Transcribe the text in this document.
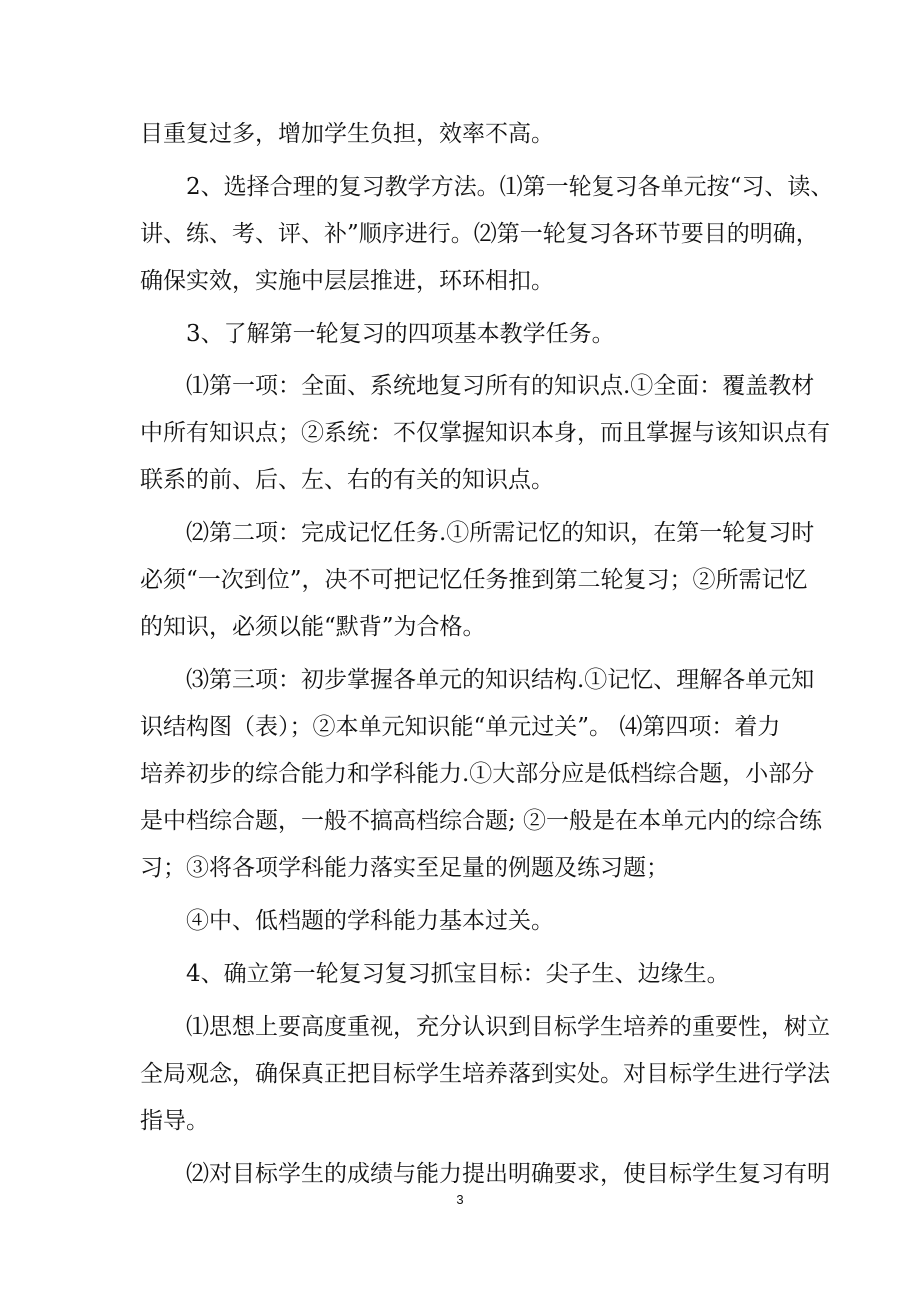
目重复过多，增加学生负担，效率不高。
　　2、选择合理的复习教学方法。⑴第一轮复习各单元按“习、读、
讲、练、考、评、补”顺序进行。⑵第一轮复习各环节要目的明确，
确保实效，实施中层层推进，环环相扣。
　　3、了解第一轮复习的四项基本教学任务。
　　⑴第一项：全面、系统地复习所有的知识点.①全面：覆盖教材
中所有知识点；②系统：不仅掌握知识本身，而且掌握与该知识点有
联系的前、后、左、右的有关的知识点。
　　⑵第二项：完成记忆任务.①所需记忆的知识，在第一轮复习时
必须“一次到位”，决不可把记忆任务推到第二轮复习；②所需记忆
的知识，必须以能“默背”为合格。
　　⑶第三项：初步掌握各单元的知识结构.①记忆、理解各单元知
识结构图（表）；②本单元知识能“单元过关”。 ⑷第四项：着力
培养初步的综合能力和学科能力.①大部分应是低档综合题，小部分
是中档综合题，一般不搞高档综合题; ②一般是在本单元内的综合练
习；③将各项学科能力落实至足量的例题及练习题；
　　④中、低档题的学科能力基本过关。
　　4、确立第一轮复习复习抓宝目标：尖子生、边缘生。
　　⑴思想上要高度重视，充分认识到目标学生培养的重要性，树立
全局观念，确保真正把目标学生培养落到实处。对目标学生进行学法
指导。
　　⑵对目标学生的成绩与能力提出明确要求，使目标学生复习有明
3
